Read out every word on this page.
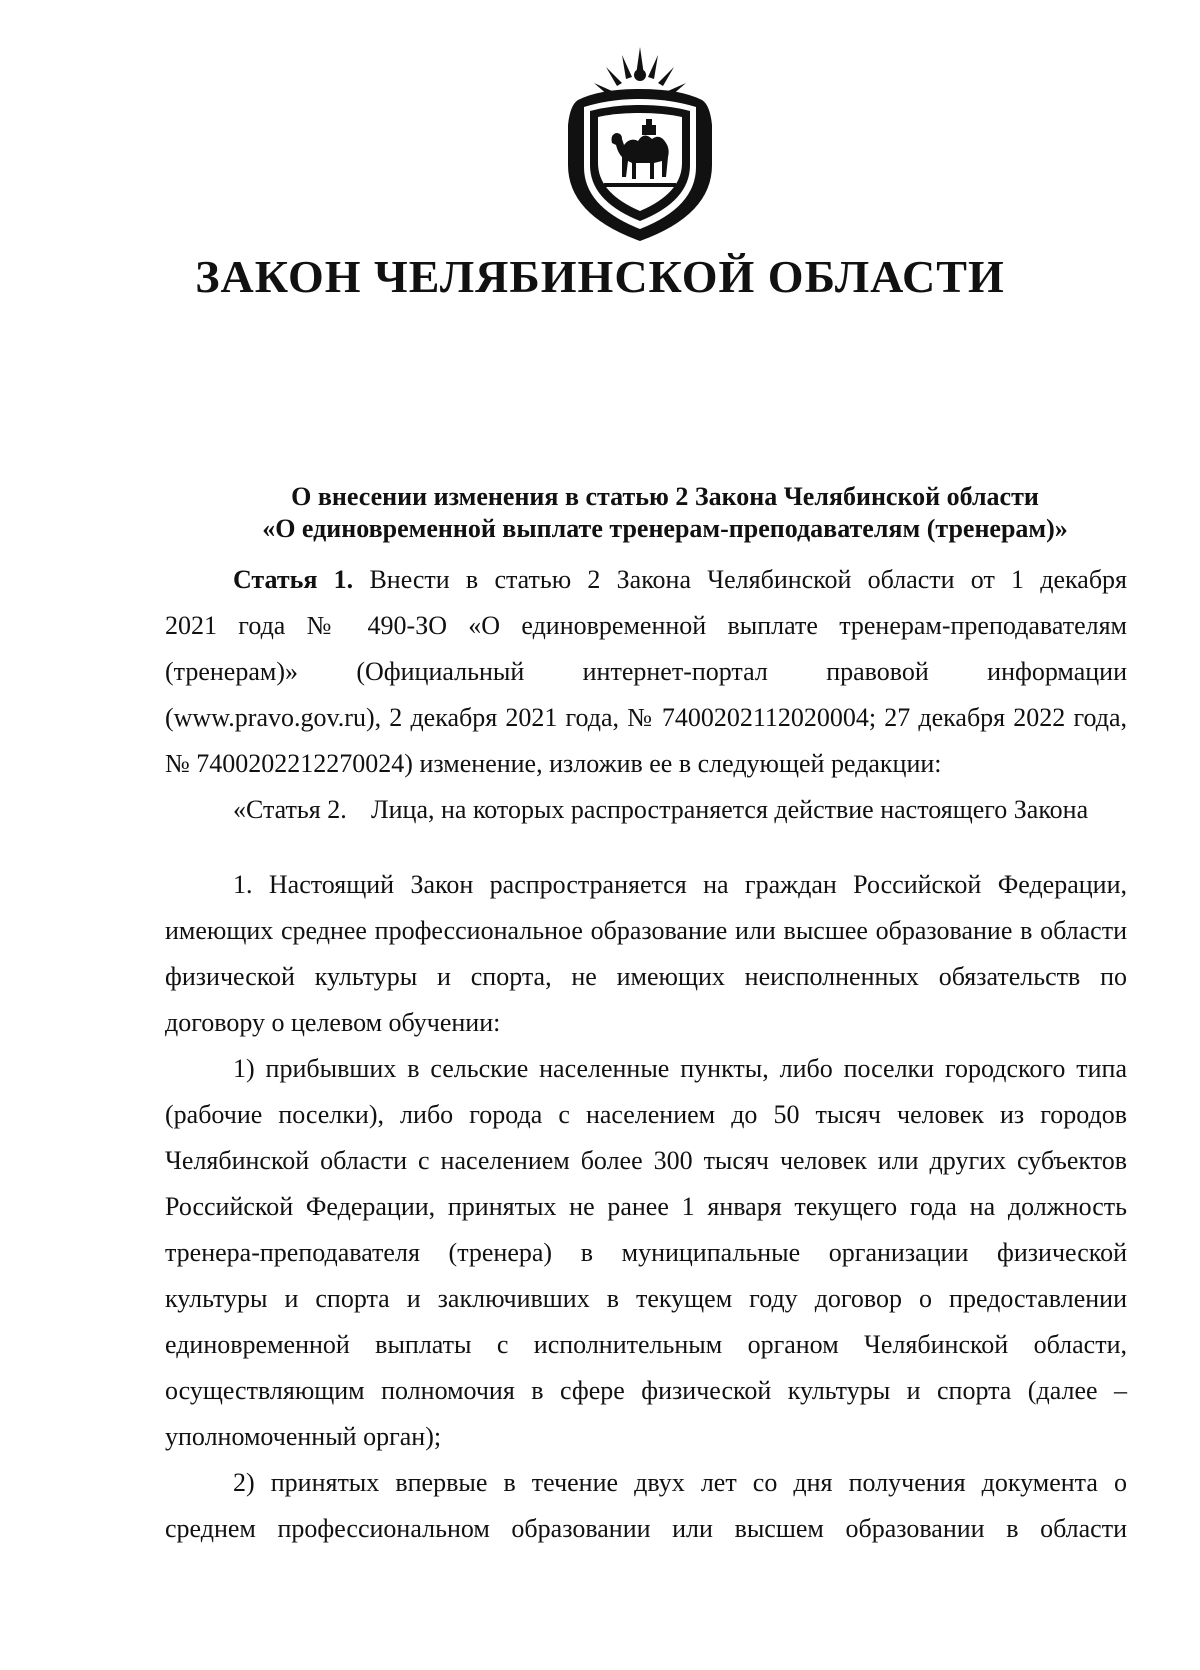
ЗАКОН ЧЕЛЯБИНСКОЙ ОБЛАСТИ
О внесении изменения в статью 2 Закона Челябинской области
«О единовременной выплате тренерам-преподавателям (тренерам)»
Статья 1. Внести в статью 2 Закона Челябинской области от 1 декабря
2021 года № 490-ЗО «О единовременной выплате тренерам-преподавателям
(тренерам)» (Официальный интернет-портал правовой информации
(www.pravo.gov.ru), 2 декабря 2021 года, № 7400202112020004; 27 декабря 2022 года,
№ 7400202212270024) изменение, изложив ее в следующей редакции:
«Статья 2. Лица, на которых распространяется действие настоящего Закона
1. Настоящий Закон распространяется на граждан Российской Федерации,
имеющих среднее профессиональное образование или высшее образование в области
физической культуры и спорта, не имеющих неисполненных обязательств по
договору о целевом обучении:
1) прибывших в сельские населенные пункты, либо поселки городского типа
(рабочие поселки), либо города с населением до 50 тысяч человек из городов
Челябинской области с населением более 300 тысяч человек или других субъектов
Российской Федерации, принятых не ранее 1 января текущего года на должность
тренера-преподавателя (тренера) в муниципальные организации физической
культуры и спорта и заключивших в текущем году договор о предоставлении
единовременной выплаты с исполнительным органом Челябинской области,
осуществляющим полномочия в сфере физической культуры и спорта (далее –
уполномоченный орган);
2) принятых впервые в течение двух лет со дня получения документа о
среднем профессиональном образовании или высшем образовании в области
